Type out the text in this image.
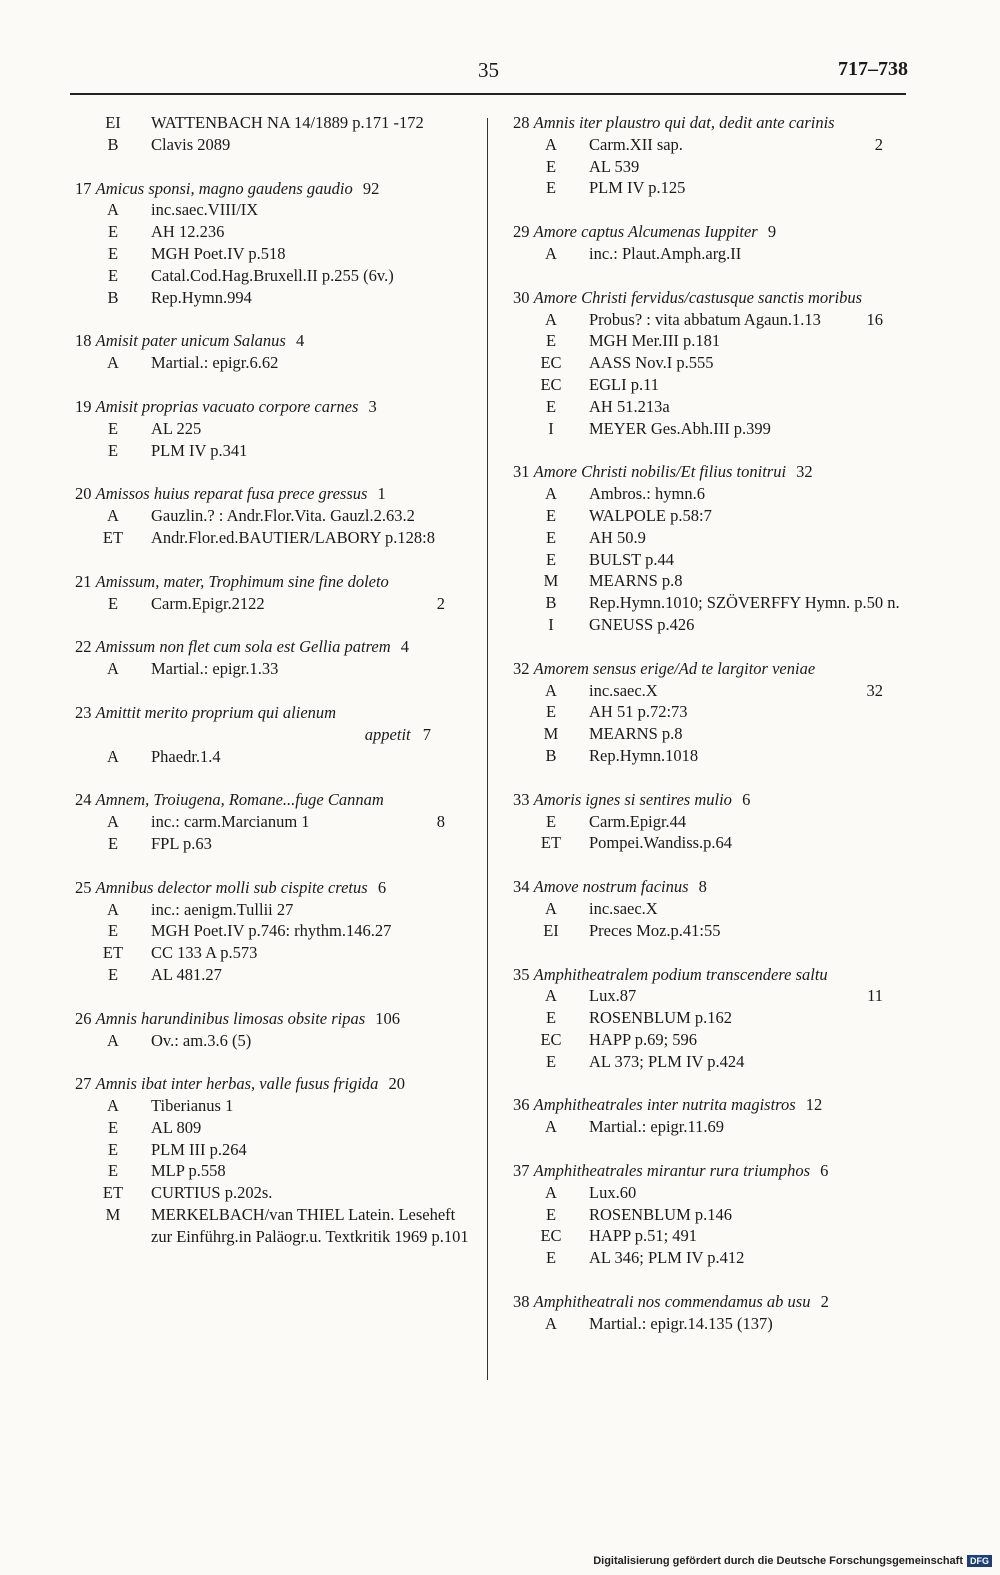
35	717–738
EI	WATTENBACH NA 14/1889 p.171 -172
B	Clavis 2089
17 Amicus sponsi, magno gaudens gaudio 92
A	inc.saec.VIII/IX
E	AH 12.236
E	MGH Poet.IV p.518
E	Catal.Cod.Hag.Bruxell.II p.255 (6v.)
B	Rep.Hymn.994
18 Amisit pater unicum Salanus 4
A	Martial.: epigr.6.62
19 Amisit proprias vacuato corpore carnes 3
E	AL 225
E	PLM IV p.341
20 Amissos huius reparat fusa prece gressus 1
A	Gauzlin.? : Andr.Flor.Vita. Gauzl.2.63.2
ET	Andr.Flor.ed.BAUTIER/LABORY p.128:8
21 Amissum, mater, Trophimum sine fine doleto
E	Carm.Epigr.2122	2
22 Amissum non flet cum sola est Gellia patrem 4
A	Martial.: epigr.1.33
23 Amittit merito proprium qui alienum
appetit 7
A	Phaedr.1.4
24 Amnem, Troiugena, Romane...fuge Cannam
A	inc.: carm.Marcianum 1	8
E	FPL p.63
25 Amnibus delector molli sub cispite cretus 6
A	inc.: aenigm.Tullii 27
E	MGH Poet.IV p.746: rhythm.146.27
ET	CC 133 A p.573
E	AL 481.27
26 Amnis harundinibus limosas obsite ripas 106
A	Ov.: am.3.6 (5)
27 Amnis ibat inter herbas, valle fusus frigida 20
A	Tiberianus 1
E	AL 809
E	PLM III p.264
E	MLP p.558
ET	CURTIUS p.202s.
M	MERKELBACH/van THIEL Latein. Leseheft zur Einführg.in Paläogr.u. Textkritik 1969 p.101
28 Amnis iter plaustro qui dat, dedit ante carinis
A	Carm.XII sap.	2
E	AL 539
E	PLM IV p.125
29 Amore captus Alcumenas Iuppiter 9
A	inc.: Plaut.Amph.arg.II
30 Amore Christi fervidus/castusque sanctis moribus
A	Probus? : vita abbatum Agaun.1.13	16
E	MGH Mer.III p.181
EC	AASS Nov.I p.555
EC	EGLI p.11
E	AH 51.213a
I	MEYER Ges.Abh.III p.399
31 Amore Christi nobilis/Et filius tonitrui 32
A	Ambros.: hymn.6
E	WALPOLE p.58:7
E	AH 50.9
E	BULST p.44
M	MEARNS p.8
B	Rep.Hymn.1010; SZÖVERFFY Hymn. p.50 n.
I	GNEUSS p.426
32 Amorem sensus erige/Ad te largitor veniae
A	inc.saec.X	32
E	AH 51 p.72:73
M	MEARNS p.8
B	Rep.Hymn.1018
33 Amoris ignes si sentires mulio 6
E	Carm.Epigr.44
ET	Pompei.Wandiss.p.64
34 Amove nostrum facinus 8
A	inc.saec.X
EI	Preces Moz.p.41:55
35 Amphitheatralem podium transcendere saltu
A	Lux.87	11
E	ROSENBLUM p.162
EC	HAPP p.69; 596
E	AL 373; PLM IV p.424
36 Amphitheatrales inter nutrita magistros 12
A	Martial.: epigr.11.69
37 Amphitheatrales mirantur rura triumphos 6
A	Lux.60
E	ROSENBLUM p.146
EC	HAPP p.51; 491
E	AL 346; PLM IV p.412
38 Amphitheatrali nos commendamus ab usu 2
A	Martial.: epigr.14.135 (137)
Digitalisierung gefördert durch die Deutsche Forschungsgemeinschaft DFG
